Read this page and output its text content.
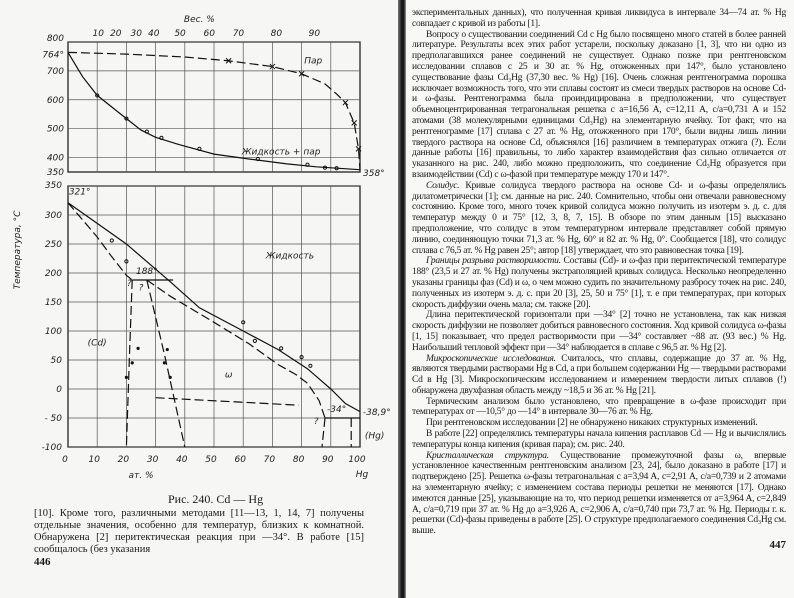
800
764°
700
600
500
400
350
350
300
250
200
150
100
50
0
- 50
-100
10 20 30 40 50 60 70	80	90
Вес. %
0 10 20 30 40 50 60 70 80 90 100
ат. %	Hg
Температура, °C
Пар
Жидкость + пар
358°
321°
Жидкость
188°
? ?
(Cd)
ω
-34°
?
-38,9°
(Hg)
Рис. 240. Cd — Hg
[10]. Кроме того, различными методами [11—13, 1, 14, 7] получены отдельные значения, особенно для температур, близких к комнатной. Обнаружена [2] перитектическая реакция при —34°. В работе [15] сообщалось (без указания
446

экспериментальных данных), что полученная кривая ликвидуса в интервале 34—74 ат. % Hg совпадает с кривой из работы [1].

Вопросу о существовании соединений Cd с Hg было посвящено много статей в более ранней литературе. Результаты всех этих работ устарели, поскольку доказано [1, 3], что ни одно из предполагавшихся ранее соединений не существует. Однако позже при рентгеновском исследовании сплавов с 25 и 30 ат. % Hg, отожженных при 147°, было установлено существование фазы Cd₃Hg (37,30 вес. % Hg) [16]. Очень сложная рентгенограмма порошка исключает возможность того, что эти сплавы состоят из смеси твердых растворов на основе Cd- и ω-фазы. Рентгенограмма была проиндицирована в предположении, что существует объемноцентрированная тетрагональная решетка с a=16,56 A, c=12,11 A, c/a=0,731 A и 152 атомами (38 молекулярными единицами Cd₃Hg) на элементарную ячейку. Тот факт, что на рентгенограмме [17] сплава с 27 ат. % Hg, отожженного при 170°, были видны лишь линии твердого раствора на основе Cd, объяснялся [16] различием в температурах отжига (?). Если данные работы [16] правильны, то либо характер взаимодействия фаз сильно отличается от указанного на рис. 240, либо можно предположить, что соединение Cd₃Hg образуется при взаимодействии (Cd) с ω-фазой при температуре между 170 и 147°.

Солидус. Кривые солидуса твердого раствора на основе Cd- и ω-фазы определялись дилатометрически [1]; см. данные на рис. 240. Сомнительно, чтобы они отвечали равновесному состоянию. Кроме того, много точек кривой солидуса можно получить из изотерм э. д. с. для температур между 0 и 75° [12, 3, 8, 7, 15]. В обзоре по этим данным [15] высказано предположение, что солидус в этом температурном интервале представляет собой прямую линию, соединяющую точки 71,3 ат. % Hg, 60° и 82 ат. % Hg, 0°. Сообщается [18], что солидус сплава с 76,5 ат. % Hg равен 25°; автор [18] утверждает, что это равновесная точка [19].

Границы разрыва растворимости. Составы (Cd)- и ω-фаз при перитектической температуре 188° (23,5 и 27 ат. % Hg) получены экстраполяцией кривых солидуса. Несколько неопределенно указаны границы фаз (Cd) и ω, о чем можно судить по значительному разбросу точек на рис. 240, полученных из изотерм э. д. с. при 20 [3], 25, 50 и 75° [1], т. е при температурах, при которых скорость диффузии очень мала; см. также [20].

Длина перитектической горизонтали при —34° [2] точно не установлена, так как низкая скорость диффузии не позволяет добиться равновесного состояния. Ход кривой солидуса ω-фазы [1, 15] показывает, что предел растворимости при —34° составляет ~88 ат. (93 вес.) % Hg. Наибольший тепловой эффект при —34° наблюдается в сплаве с 96,5 ат. % Hg [2].

Микроскопические исследования. Считалось, что сплавы, содержащие до 37 ат. % Hg, являются твердыми растворами Hg в Cd, а при большем содержании Hg — твердыми растворами Cd в Hg [3]. Микроскопическим исследованием и измерением твердости литых сплавов (!) обнаружена двухфазная область между ~18,5 и 36 ат. % Hg [21].

Термическим анализом было установлено, что превращение в ω-фазе происходит при температурах от —10,5° до —14° в интервале 30—76 ат. % Hg.

При рентгеновском исследовании [2] не обнаружено никаких структурных изменений.

В работе [22] определялись температуры начала кипения расплавов Cd — Hg и вычислялись температуры конца кипения (кривая пара); см. рис. 240.

Кристаллическая структура. Существование промежуточной фазы ω, впервые установленное качественным рентгеновским анализом [23, 24], было доказано в работе [17] и подтверждено [25]. Решетка ω-фазы тетрагональная с a=3,94 A, c=2,91 A, c/a=0,739 и 2 атомами на элементарную ячейку; с изменением состава периоды решетки не меняются [17]. Однако имеются данные [25], указывающие на то, что период решетки изменяется от a=3,964 A, c=2,849 A, c/a=0,719 при 37 ат. % Hg до a=3,926 A, c=2,906 A, c/a=0,740 при 73,7 ат. % Hg. Периоды г. к. решетки (Cd)-фазы приведены в работе [25]. О структуре предполагаемого соединения Cd₃Hg см. выше.

447
